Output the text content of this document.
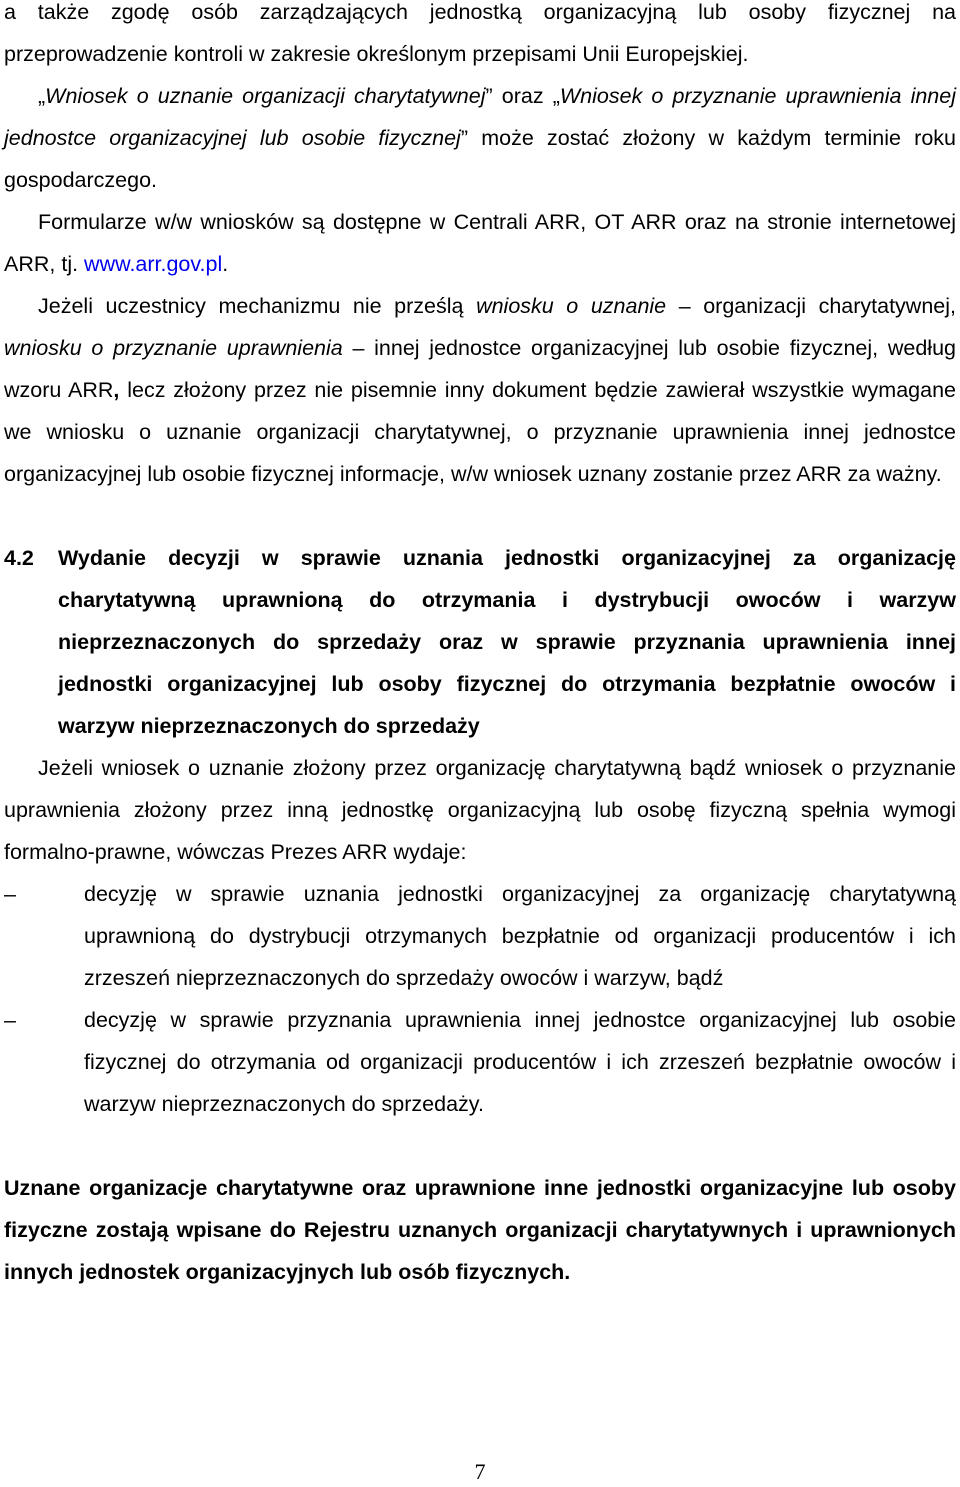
a także zgodę osób zarządzających jednostką organizacyjną lub osoby fizycznej na przeprowadzenie kontroli w zakresie określonym przepisami Unii Europejskiej.

„Wniosek o uznanie organizacji charytatywnej” oraz „Wniosek o przyznanie uprawnienia innej jednostce organizacyjnej lub osobie fizycznej” może zostać złożony w każdym terminie roku gospodarczego.

Formularze w/w wniosków są dostępne w Centrali ARR, OT ARR oraz na stronie internetowej ARR, tj. www.arr.gov.pl.

Jeżeli uczestnicy mechanizmu nie prześlą wniosku o uznanie – organizacji charytatywnej, wniosku o przyznanie uprawnienia – innej jednostce organizacyjnej lub osobie fizycznej, według wzoru ARR, lecz złożony przez nie pisemnie inny dokument będzie zawierał wszystkie wymagane we wniosku o uznanie organizacji charytatywnej, o przyznanie uprawnienia innej jednostce organizacyjnej lub osobie fizycznej informacje, w/w wniosek uznany zostanie przez ARR za ważny.

4.2	Wydanie decyzji w sprawie uznania jednostki organizacyjnej za organizację charytatywną uprawnioną do otrzymania i dystrybucji owoców i warzyw nieprzeznaczonych do sprzedaży oraz w sprawie przyznania uprawnienia innej jednostki organizacyjnej lub osoby fizycznej do otrzymania bezpłatnie owoców i warzyw nieprzeznaczonych do sprzedaży

Jeżeli wniosek o uznanie złożony przez organizację charytatywną bądź wniosek o przyznanie uprawnienia złożony przez inną jednostkę organizacyjną lub osobę fizyczną spełnia wymogi formalno-prawne, wówczas Prezes ARR wydaje:

–	decyzję w sprawie uznania jednostki organizacyjnej za organizację charytatywną uprawnioną do dystrybucji otrzymanych bezpłatnie od organizacji producentów i ich zrzeszeń nieprzeznaczonych do sprzedaży owoców i warzyw, bądź
–	decyzję w sprawie przyznania uprawnienia innej jednostce organizacyjnej lub osobie fizycznej do otrzymania od organizacji producentów i ich zrzeszeń bezpłatnie owoców i warzyw nieprzeznaczonych do sprzedaży.

Uznane organizacje charytatywne oraz uprawnione inne jednostki organizacyjne lub osoby fizyczne zostają wpisane do Rejestru uznanych organizacji charytatywnych i uprawnionych innych jednostek organizacyjnych lub osób fizycznych.

7
